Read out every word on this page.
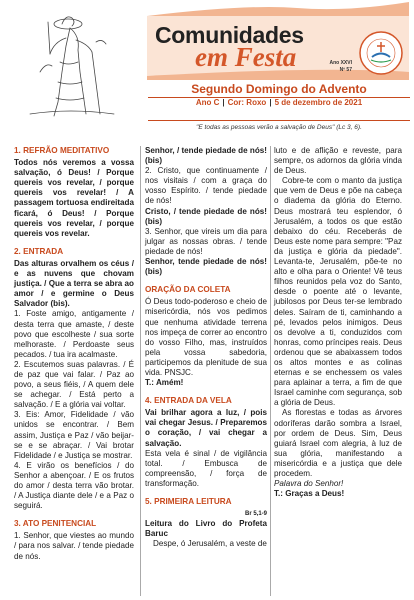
Comunidades
em Festa	Ano XXVI
Nº 57
Segundo Domingo do Advento
Ano C | Cor: Roxo | 5 de dezembro de 2021
"E todas as pessoas verão a salvação de Deus" (Lc 3, 6).
1. REFRÃO MEDITATIVO
Todos nós veremos a vossa salvação, ó Deus! / Porque quereis vos revelar, / porque quereis vos revelar! / A passagem tortuosa endireitada ficará, ó Deus! / Porque quereis vos revelar, / porque quereis vos revelar.
2. ENTRADA
Das alturas orvalhem os céus / e as nuvens que chovam justiça. / Que a terra se abra ao amor / e germine o Deus Salvador (bis).
1. Foste amigo, antigamente / desta terra que amaste, / deste povo que escolheste / sua sorte melhoraste. / Perdoaste seus pecados. / tua ira acalmaste.
2. Escutemos suas palavras. / É de paz que vai falar. / Paz ao povo, a seus fiéis, / A quem dele se achegar. / Está perto a salvação. / E a glória vai voltar.
3. Eis: Amor, Fidelidade / vão unidos se encontrar. / Bem assim, Justiça e Paz / vão beijar-se e se abraçar. / Vai brotar Fidelidade / e Justiça se mostrar.
4. E virão os benefícios / do Senhor a abençoar. / E os frutos do amor / desta terra vão brotar. / A Justiça diante dele / e a Paz o seguirá.
3. ATO PENITENCIAL
1. Senhor, que viestes ao mundo / para nos salvar. / tende piedade de nós.
Senhor, / tende piedade de nós! (bis)
2. Cristo, que continuamente / nos visitais / com a graça do vosso Espírito. / tende piedade de nós!
Cristo, / tende piedade de nós! (bis)
3. Senhor, que vireis um dia para julgar as nossas obras. / tende piedade de nós!
Senhor, tende piedade de nós! (bis)
ORAÇÃO DA COLETA
Ó Deus todo-poderoso e cheio de misericórdia, nós vos pedimos que nenhuma atividade terrena nos impeça de correr ao encontro do vosso Filho, mas, instruídos pela vossa sabedoria, participemos da plenitude de sua vida. PNSJC.
T.: Amém!
4. ENTRADA DA VELA
Vai brilhar agora a luz, / pois vai chegar Jesus. / Preparemos o coração, / vai chegar a salvação.
Esta vela é sinal / de vigilância total. / Embusca de compreensão, / força de transformação.
5. PRIMEIRA LEITURA
Br 5,1-9
Leitura do Livro do Profeta Baruc
Despe, ó Jerusalém, a veste de
luto e de aflição e reveste, para sempre, os adornos da glória vinda de Deus.
Cobre-te com o manto da justiça que vem de Deus e põe na cabeça o diadema da glória do Eterno. Deus mostrará teu esplendor, ó Jerusalém, a todos os que estão debaixo do céu. Receberás de Deus este nome para sempre: "Paz da justiça e glória da piedade". Levanta-te, Jerusalém, põe-te no alto e olha para o Oriente! Vê teus filhos reunidos pela voz do Santo, desde o poente até o levante, jubilosos por Deus ter-se lembrado deles. Saíram de ti, caminhando a pé, levados pelos inimigos. Deus os devolve a ti, conduzidos com honras, como príncipes reais. Deus ordenou que se abaixassem todos os altos montes e as colinas eternas e se enchessem os vales para aplainar a terra, a fim de que Israel caminhe com segurança, sob a glória de Deus.
As florestas e todas as árvores odoríferas darão sombra a Israel, por ordem de Deus. Sim, Deus guiará Israel com alegria, à luz de sua glória, manifestando a misericórdia e a justiça que dele procedem.
Palavra do Senhor!
T.: Graças a Deus!
